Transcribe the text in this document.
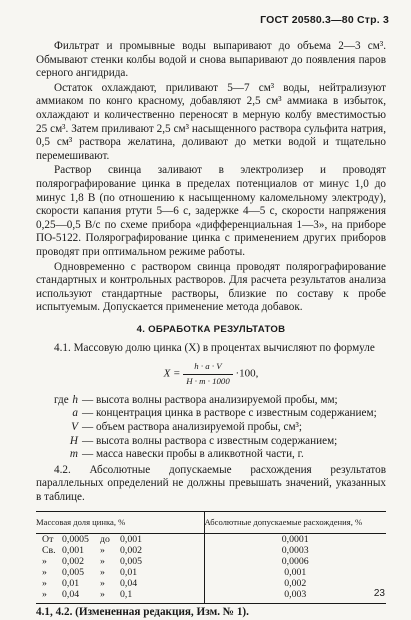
ГОСТ 20580.3—80 Стр. 3

Фильтрат и промывные воды выпаривают до объема 2—3 см³. Обмывают стенки колбы водой и снова выпаривают до появления паров серного ангидрида.

Остаток охлаждают, приливают 5—7 см³ воды, нейтрализуют аммиаком по конго красному, добавляют 2,5 см³ аммиака в избыток, охлаждают и количественно переносят в мерную колбу вместимостью 25 см³. Затем приливают 2,5 см³ насыщенного раствора сульфита натрия, 0,5 см³ раствора желатина, доливают до метки водой и тщательно перемешивают.

Раствор свинца заливают в электролизер и проводят полярографирование цинка в пределах потенциалов от минус 1,0 до минус 1,8 В (по отношению к насыщенному каломельному электроду), скорости капания ртути 5—6 с, задержке 4—5 с, скорости напряжения 0,25—0,5 В/с по схеме прибора «дифференциальная 1—3», на приборе ПО-5122. Полярографирование цинка с применением других приборов проводят при оптимальном режиме работы.

Одновременно с раствором свинца проводят полярографирование стандартных и контрольных растворов. Для расчета результатов анализа используют стандартные растворы, близкие по составу к пробе испытуемым. Допускается применение метода добавок.

4. ОБРАБОТКА РЕЗУЛЬТАТОВ

4.1. Массовую долю цинка (X) в процентах вычисляют по формуле

$X = \frac{h \cdot a \cdot V}{H \cdot m \cdot 1000} \cdot 100$,
где h — высота волны раствора анализируемой пробы, мм;
a — концентрация цинка в растворе с известным содержанием;
V — объем раствора анализируемой пробы, см³;
H — высота волны раствора с известным содержанием;
m — масса навески пробы в аликвотной части, г.

4.2. Абсолютные допускаемые расхождения результатов параллельных определений не должны превышать значений, указанных в таблице.

Массовая доля цинка, %	Абсолютные допускаемые расхождения, %

От 0,0005 до 0,001	0,0001

Св. 0,001 » 0,002	0,0003

» 0,002 » 0,005	0,0006

» 0,005 » 0,01	0,001

» 0,01 » 0,04	0,002

» 0,04 » 0,1	0,003
4.1, 4.2. (Измененная редакция, Изм. № 1).
23
